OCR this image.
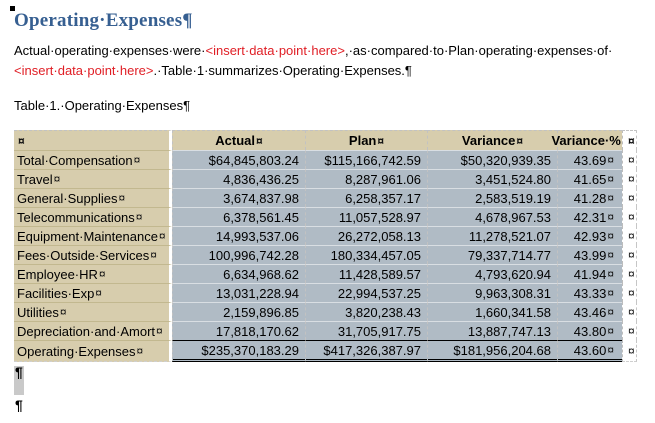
Operating·Expenses¶
Actual·operating·expenses·were·<insert·data·point·here>,·as·compared·to·Plan·operating·expenses·of·
<insert·data·point·here>.·Table·1·summarizes·Operating·Expenses.¶
Table·1.·Operating·Expenses¶
¤	Actual ¤	Plan ¤	Variance ¤ Variance·% ¤
Total·Compensation ¤	$64,845,803.24 $115,166,742.59	$50,320,939.35 43.69 ¤ ¤
Travel ¤	4,836,436.25	8,287,961.06	3,451,524.80 41.65 ¤ ¤
General·Supplies ¤	3,674,837.98	6,258,357.17	2,583,519.19 41.28 ¤ ¤
Telecommunications ¤	6,378,561.45	11,057,528.97	4,678,967.53 42.31 ¤ ¤
Equipment·Maintenance ¤	14,993,537.06	26,272,058.13	11,278,521.07 42.93 ¤ ¤
Fees·Outside·Services ¤	100,996,742.28 180,334,457.05	79,337,714.77 43.99 ¤ ¤
Employee·HR ¤	6,634,968.62	11,428,589.57	4,793,620.94 41.94 ¤ ¤
Facilities·Exp ¤	13,031,228.94	22,994,537.25	9,963,308.31 43.33 ¤ ¤
Utilities ¤	2,159,896.85	3,820,238.43	1,660,341.58 43.46 ¤ ¤
Depreciation·and·Amort ¤	17,818,170.62	31,705,917.75	13,887,747.13 43.80 ¤ ¤
Operating·Expenses ¤	$235,370,183.29 $417,326,387.97 $181,956,204.68 43.60 ¤ ¤
¶
¶
